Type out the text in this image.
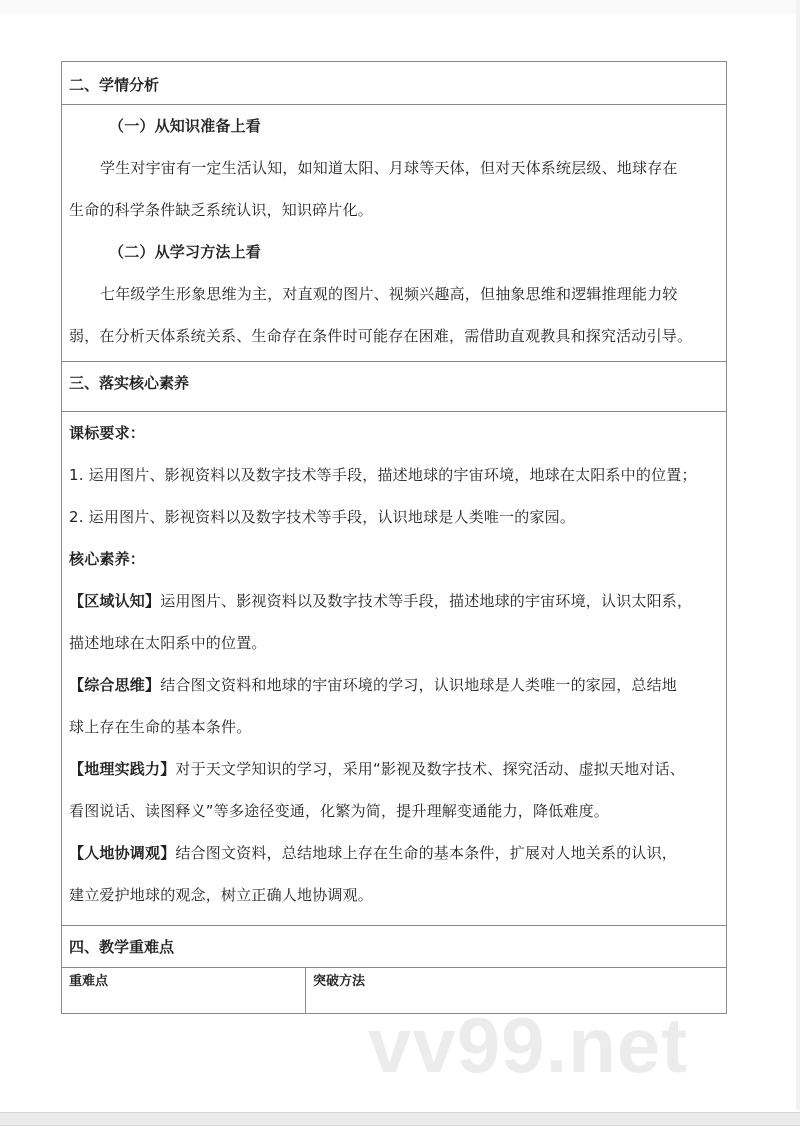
二、学情分析

（一）从知识准备上看
学生对宇宙有一定生活认知，如知道太阳、月球等天体，但对天体系统层级、地球存在
生命的科学条件缺乏系统认识，知识碎片化。
（二）从学习方法上看
七年级学生形象思维为主，对直观的图片、视频兴趣高，但抽象思维和逻辑推理能力较
弱，在分析天体系统关系、生命存在条件时可能存在困难，需借助直观教具和探究活动引导。

三、落实核心素养

课标要求：
1. 运用图片、影视资料以及数字技术等手段，描述地球的宇宙环境，地球在太阳系中的位置；
2. 运用图片、影视资料以及数字技术等手段，认识地球是人类唯一的家园。
核心素养：
【区域认知】运用图片、影视资料以及数字技术等手段，描述地球的宇宙环境，认识太阳系，
描述地球在太阳系中的位置。
【综合思维】结合图文资料和地球的宇宙环境的学习，认识地球是人类唯一的家园，总结地
球上存在生命的基本条件。
【地理实践力】对于天文学知识的学习，采用“影视及数字技术、探究活动、虚拟天地对话、
看图说话、读图释义”等多途径变通，化繁为简，提升理解变通能力，降低难度。
【人地协调观】结合图文资料，总结地球上存在生命的基本条件，扩展对人地关系的认识，
建立爱护地球的观念，树立正确人地协调观。

四、教学重难点

重难点	突破方法
vv99.net
